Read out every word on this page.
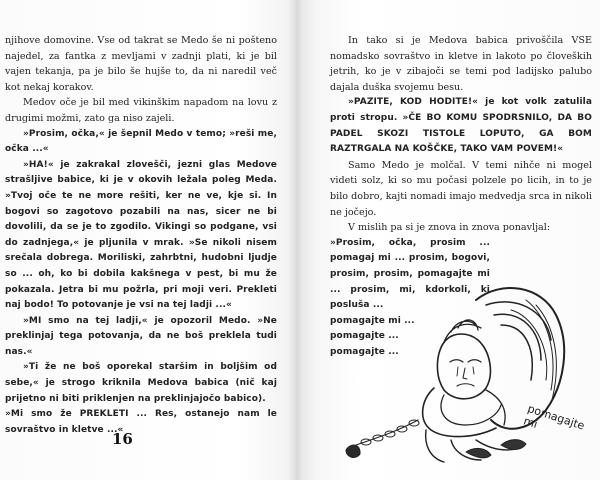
njihove domovine. Vse od takrat se Medo še ni pošteno najedel, za fantka z mevljami v zadnji plati, ki je bil vajen tekanja, pa je bilo še hujše to, da ni naredil več kot nekaj korakov.

Medov oče je bil med vikinškim napadom na lovu z drugimi možmi, zato ga niso zajeli.

»Prosim, očka,« je šepnil Medo v temo; »reši me, očka ...«

»HA!« je zakrakal zlovešči, jezni glas Medove strašljive babice, ki je v okovih ležala poleg Meda. »Tvoj oče te ne more rešiti, ker ne ve, kje si. In bogovi so zagotovo pozabili na nas, sicer ne bi dovolili, da se je to zgodilo. Vikingi so podgane, vsi do zadnjega,« je pljunila v mrak. »Se nikoli nisem srečala dobrega. Moriliski, zahrbtni, hudobni ljudje so ... oh, ko bi dobila kakšnega v pest, bi mu že pokazala. Jetra bi mu požrla, pri moji veri. Prekleti naj bodo! To potovanje je vsi na tej ladji ...«

»MI smo na tej ladji,« je opozoril Medo. »Ne preklinjaj tega potovanja, da ne boš preklela tudi nas.«

»Ti že ne boš oporekal staršim in boljšim od sebe,« je strogo kriknila Medova babica (nič kaj prijetno ni biti priklenjen na preklinjajočo babico).

»Mi smo že PREKLETI ... Res, ostanejo nam le sovraštvo in kletve ...«

16

In tako si je Medova babica privoščila VSE nomadsko sovraštvo in kletve in lakoto po človeških jetrih, ko je v zibajoči se temi pod ladijsko palubo dajala duška svojemu besu.

»PAZITE, KOD HODITE!« je kot volk zatulila proti stropu. »ČE BO KOMU SPODRSNILO, DA BO PADEL SKOZI TISTOLE LOPUTO, GA BOM RAZTRGALA NA KOŠČKE, TAKO VAM POVEM!«

Samo Medo je molčal. V temi nihče ni mogel videti solz, ki so mu počasi polzele po licih, in to je bilo dobro, kajti nomadi imajo medvedja srca in nikoli ne jočejo.

V mislih pa si je znova in znova ponavljal:

»Prosim, očka, prosim ... pomagaj mi ... prosim, bogovi, prosim, prosim, pomagajte mi ... prosim, mi, kdorkoli, ki posluša ...

pomagajte mi ...

pomagajte ...

pomagajte ...

pomagajte mi
